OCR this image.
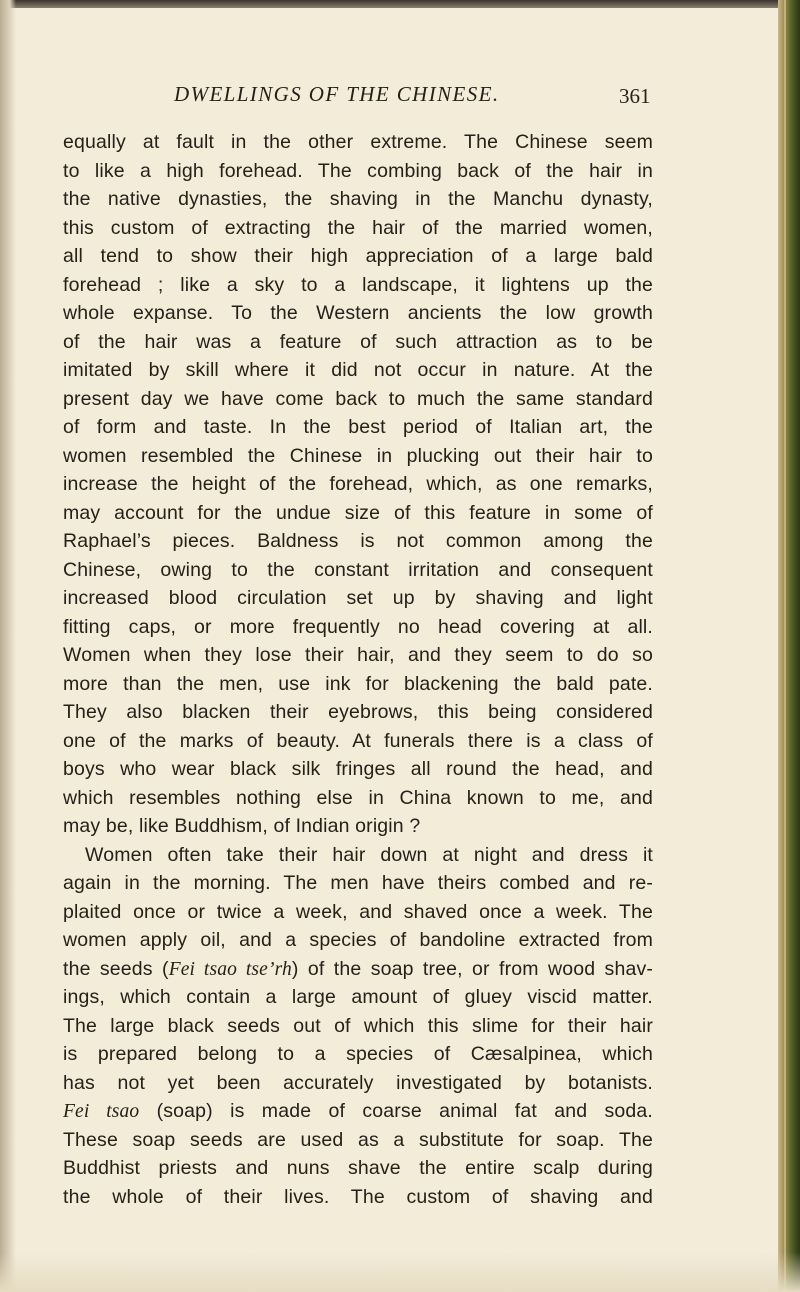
DWELLINGS OF THE CHINESE.	361
equally at fault in the other extreme. The Chinese seem
to like a high forehead. The combing back of the hair in
the native dynasties, the shaving in the Manchu dynasty,
this custom of extracting the hair of the married women,
all tend to show their high appreciation of a large bald
forehead ; like a sky to a landscape, it lightens up the
whole expanse. To the Western ancients the low growth
of the hair was a feature of such attraction as to be
imitated by skill where it did not occur in nature. At the
present day we have come back to much the same standard
of form and taste. In the best period of Italian art, the
women resembled the Chinese in plucking out their hair to
increase the height of the forehead, which, as one remarks,
may account for the undue size of this feature in some of
Raphael’s pieces. Baldness is not common among the
Chinese, owing to the constant irritation and consequent
increased blood circulation set up by shaving and light
fitting caps, or more frequently no head covering at all.
Women when they lose their hair, and they seem to do so
more than the men, use ink for blackening the bald pate.
They also blacken their eyebrows, this being considered
one of the marks of beauty. At funerals there is a class of
boys who wear black silk fringes all round the head, and
which resembles nothing else in China known to me, and
may be, like Buddhism, of Indian origin ?
Women often take their hair down at night and dress it
again in the morning. The men have theirs combed and re-
plaited once or twice a week, and shaved once a week. The
women apply oil, and a species of bandoline extracted from
the seeds (Fei tsao tse’rh) of the soap tree, or from wood shav-
ings, which contain a large amount of gluey viscid matter.
The large black seeds out of which this slime for their hair
is prepared belong to a species of Cæsalpinea, which
has not yet been accurately investigated by botanists.
Fei tsao (soap) is made of coarse animal fat and soda.
These soap seeds are used as a substitute for soap. The
Buddhist priests and nuns shave the entire scalp during
the whole of their lives. The custom of shaving and
